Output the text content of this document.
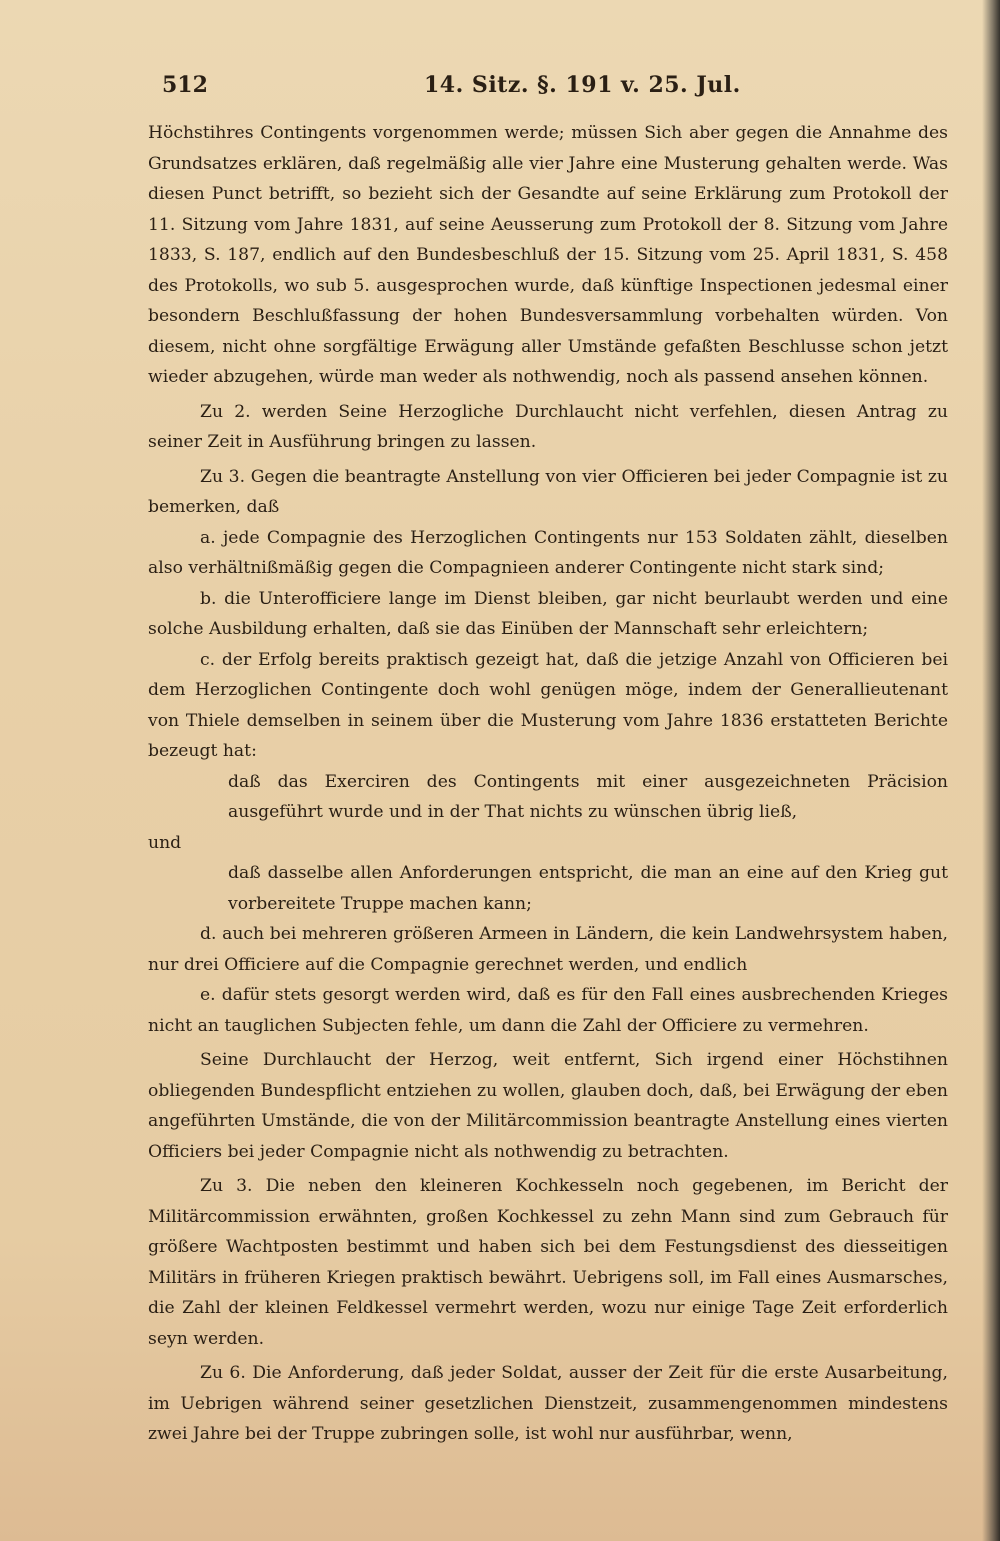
512	14. Sitz. §. 191 v. 25. Jul.

Höchstihres Contingents vorgenommen werde; müssen Sich aber gegen die Annahme des Grundsatzes erklären, daß regelmäßig alle vier Jahre eine Musterung gehalten werde. Was diesen Punct betrifft, so bezieht sich der Gesandte auf seine Erklärung zum Protokoll der 11. Sitzung vom Jahre 1831, auf seine Aeusserung zum Protokoll der 8. Sitzung vom Jahre 1833, S. 187, endlich auf den Bundesbeschluß der 15. Sitzung vom 25. April 1831, S. 458 des Protokolls, wo sub 5. ausgesprochen wurde, daß künftige Inspectionen jedesmal einer besondern Beschlußfassung der hohen Bundesversammlung vorbehalten würden. Von diesem, nicht ohne sorgfältige Erwägung aller Umstände gefaßten Beschlusse schon jetzt wieder abzugehen, würde man weder als nothwendig, noch als passend ansehen können.

Zu 2. werden Seine Herzogliche Durchlaucht nicht verfehlen, diesen Antrag zu seiner Zeit in Ausführung bringen zu lassen.

Zu 3. Gegen die beantragte Anstellung von vier Officieren bei jeder Compagnie ist zu bemerken, daß

a. jede Compagnie des Herzoglichen Contingents nur 153 Soldaten zählt, dieselben also verhältnißmäßig gegen die Compagnieen anderer Contingente nicht stark sind;

b. die Unterofficiere lange im Dienst bleiben, gar nicht beurlaubt werden und eine solche Ausbildung erhalten, daß sie das Einüben der Mannschaft sehr erleichtern;

c. der Erfolg bereits praktisch gezeigt hat, daß die jetzige Anzahl von Officieren bei dem Herzoglichen Contingente doch wohl genügen möge, indem der Generallieutenant von Thiele demselben in seinem über die Musterung vom Jahre 1836 erstatteten Berichte bezeugt hat:

daß das Exerciren des Contingents mit einer ausgezeichneten Präcision ausgeführt wurde und in der That nichts zu wünschen übrig ließ,

und

daß dasselbe allen Anforderungen entspricht, die man an eine auf den Krieg gut vorbereitete Truppe machen kann;

d. auch bei mehreren größeren Armeen in Ländern, die kein Landwehrsystem haben, nur drei Officiere auf die Compagnie gerechnet werden, und endlich

e. dafür stets gesorgt werden wird, daß es für den Fall eines ausbrechenden Krieges nicht an tauglichen Subjecten fehle, um dann die Zahl der Officiere zu vermehren.

Seine Durchlaucht der Herzog, weit entfernt, Sich irgend einer Höchstihnen obliegenden Bundespflicht entziehen zu wollen, glauben doch, daß, bei Erwägung der eben angeführten Umstände, die von der Militärcommission beantragte Anstellung eines vierten Officiers bei jeder Compagnie nicht als nothwendig zu betrachten.

Zu 3. Die neben den kleineren Kochkesseln noch gegebenen, im Bericht der Militärcommission erwähnten, großen Kochkessel zu zehn Mann sind zum Gebrauch für größere Wachtposten bestimmt und haben sich bei dem Festungsdienst des diesseitigen Militärs in früheren Kriegen praktisch bewährt. Uebrigens soll, im Fall eines Ausmarsches, die Zahl der kleinen Feldkessel vermehrt werden, wozu nur einige Tage Zeit erforderlich seyn werden.

Zu 6. Die Anforderung, daß jeder Soldat, ausser der Zeit für die erste Ausarbeitung, im Uebrigen während seiner gesetzlichen Dienstzeit, zusammengenommen mindestens zwei Jahre bei der Truppe zubringen solle, ist wohl nur ausführbar, wenn,
